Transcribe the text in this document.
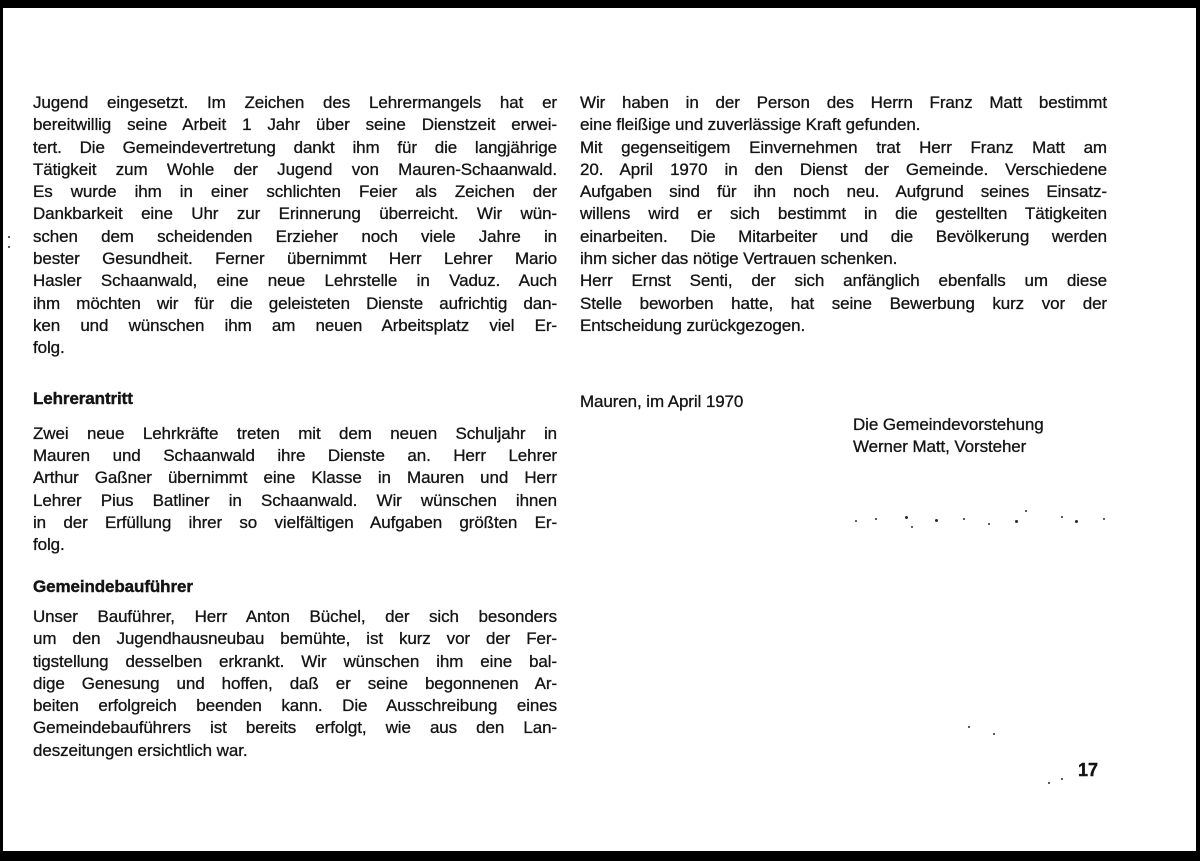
Jugend eingesetzt. Im Zeichen des Lehrermangels hat er
bereitwillig seine Arbeit 1 Jahr über seine Dienstzeit erwei-
tert. Die Gemeindevertretung dankt ihm für die langjährige
Tätigkeit zum Wohle der Jugend von Mauren-Schaanwald.
Es wurde ihm in einer schlichten Feier als Zeichen der
Dankbarkeit eine Uhr zur Erinnerung überreicht. Wir wün-
schen dem scheidenden Erzieher noch viele Jahre in
bester Gesundheit. Ferner übernimmt Herr Lehrer Mario
Hasler Schaanwald, eine neue Lehrstelle in Vaduz. Auch
ihm möchten wir für die geleisteten Dienste aufrichtig dan-
ken und wünschen ihm am neuen Arbeitsplatz viel Er-
folg.
Lehrerantritt
Zwei neue Lehrkräfte treten mit dem neuen Schuljahr in
Mauren und Schaanwald ihre Dienste an. Herr Lehrer
Arthur Gaßner übernimmt eine Klasse in Mauren und Herr
Lehrer Pius Batliner in Schaanwald. Wir wünschen ihnen
in der Erfüllung ihrer so vielfältigen Aufgaben größten Er-
folg.
Gemeindebauführer
Unser Bauführer, Herr Anton Büchel, der sich besonders
um den Jugendhausneubau bemühte, ist kurz vor der Fer-
tigstellung desselben erkrankt. Wir wünschen ihm eine bal-
dige Genesung und hoffen, daß er seine begonnenen Ar-
beiten erfolgreich beenden kann. Die Ausschreibung eines
Gemeindebauführers ist bereits erfolgt, wie aus den Lan-
deszeitungen ersichtlich war.
Wir haben in der Person des Herrn Franz Matt bestimmt
eine fleißige und zuverlässige Kraft gefunden.
Mit gegenseitigem Einvernehmen trat Herr Franz Matt am
20. April 1970 in den Dienst der Gemeinde. Verschiedene
Aufgaben sind für ihn noch neu. Aufgrund seines Einsatz-
willens wird er sich bestimmt in die gestellten Tätigkeiten
einarbeiten. Die Mitarbeiter und die Bevölkerung werden
ihm sicher das nötige Vertrauen schenken.
Herr Ernst Senti, der sich anfänglich ebenfalls um diese
Stelle beworben hatte, hat seine Bewerbung kurz vor der
Entscheidung zurückgezogen.
Mauren, im April 1970
Die Gemeindevorstehung
Werner Matt, Vorsteher
17
